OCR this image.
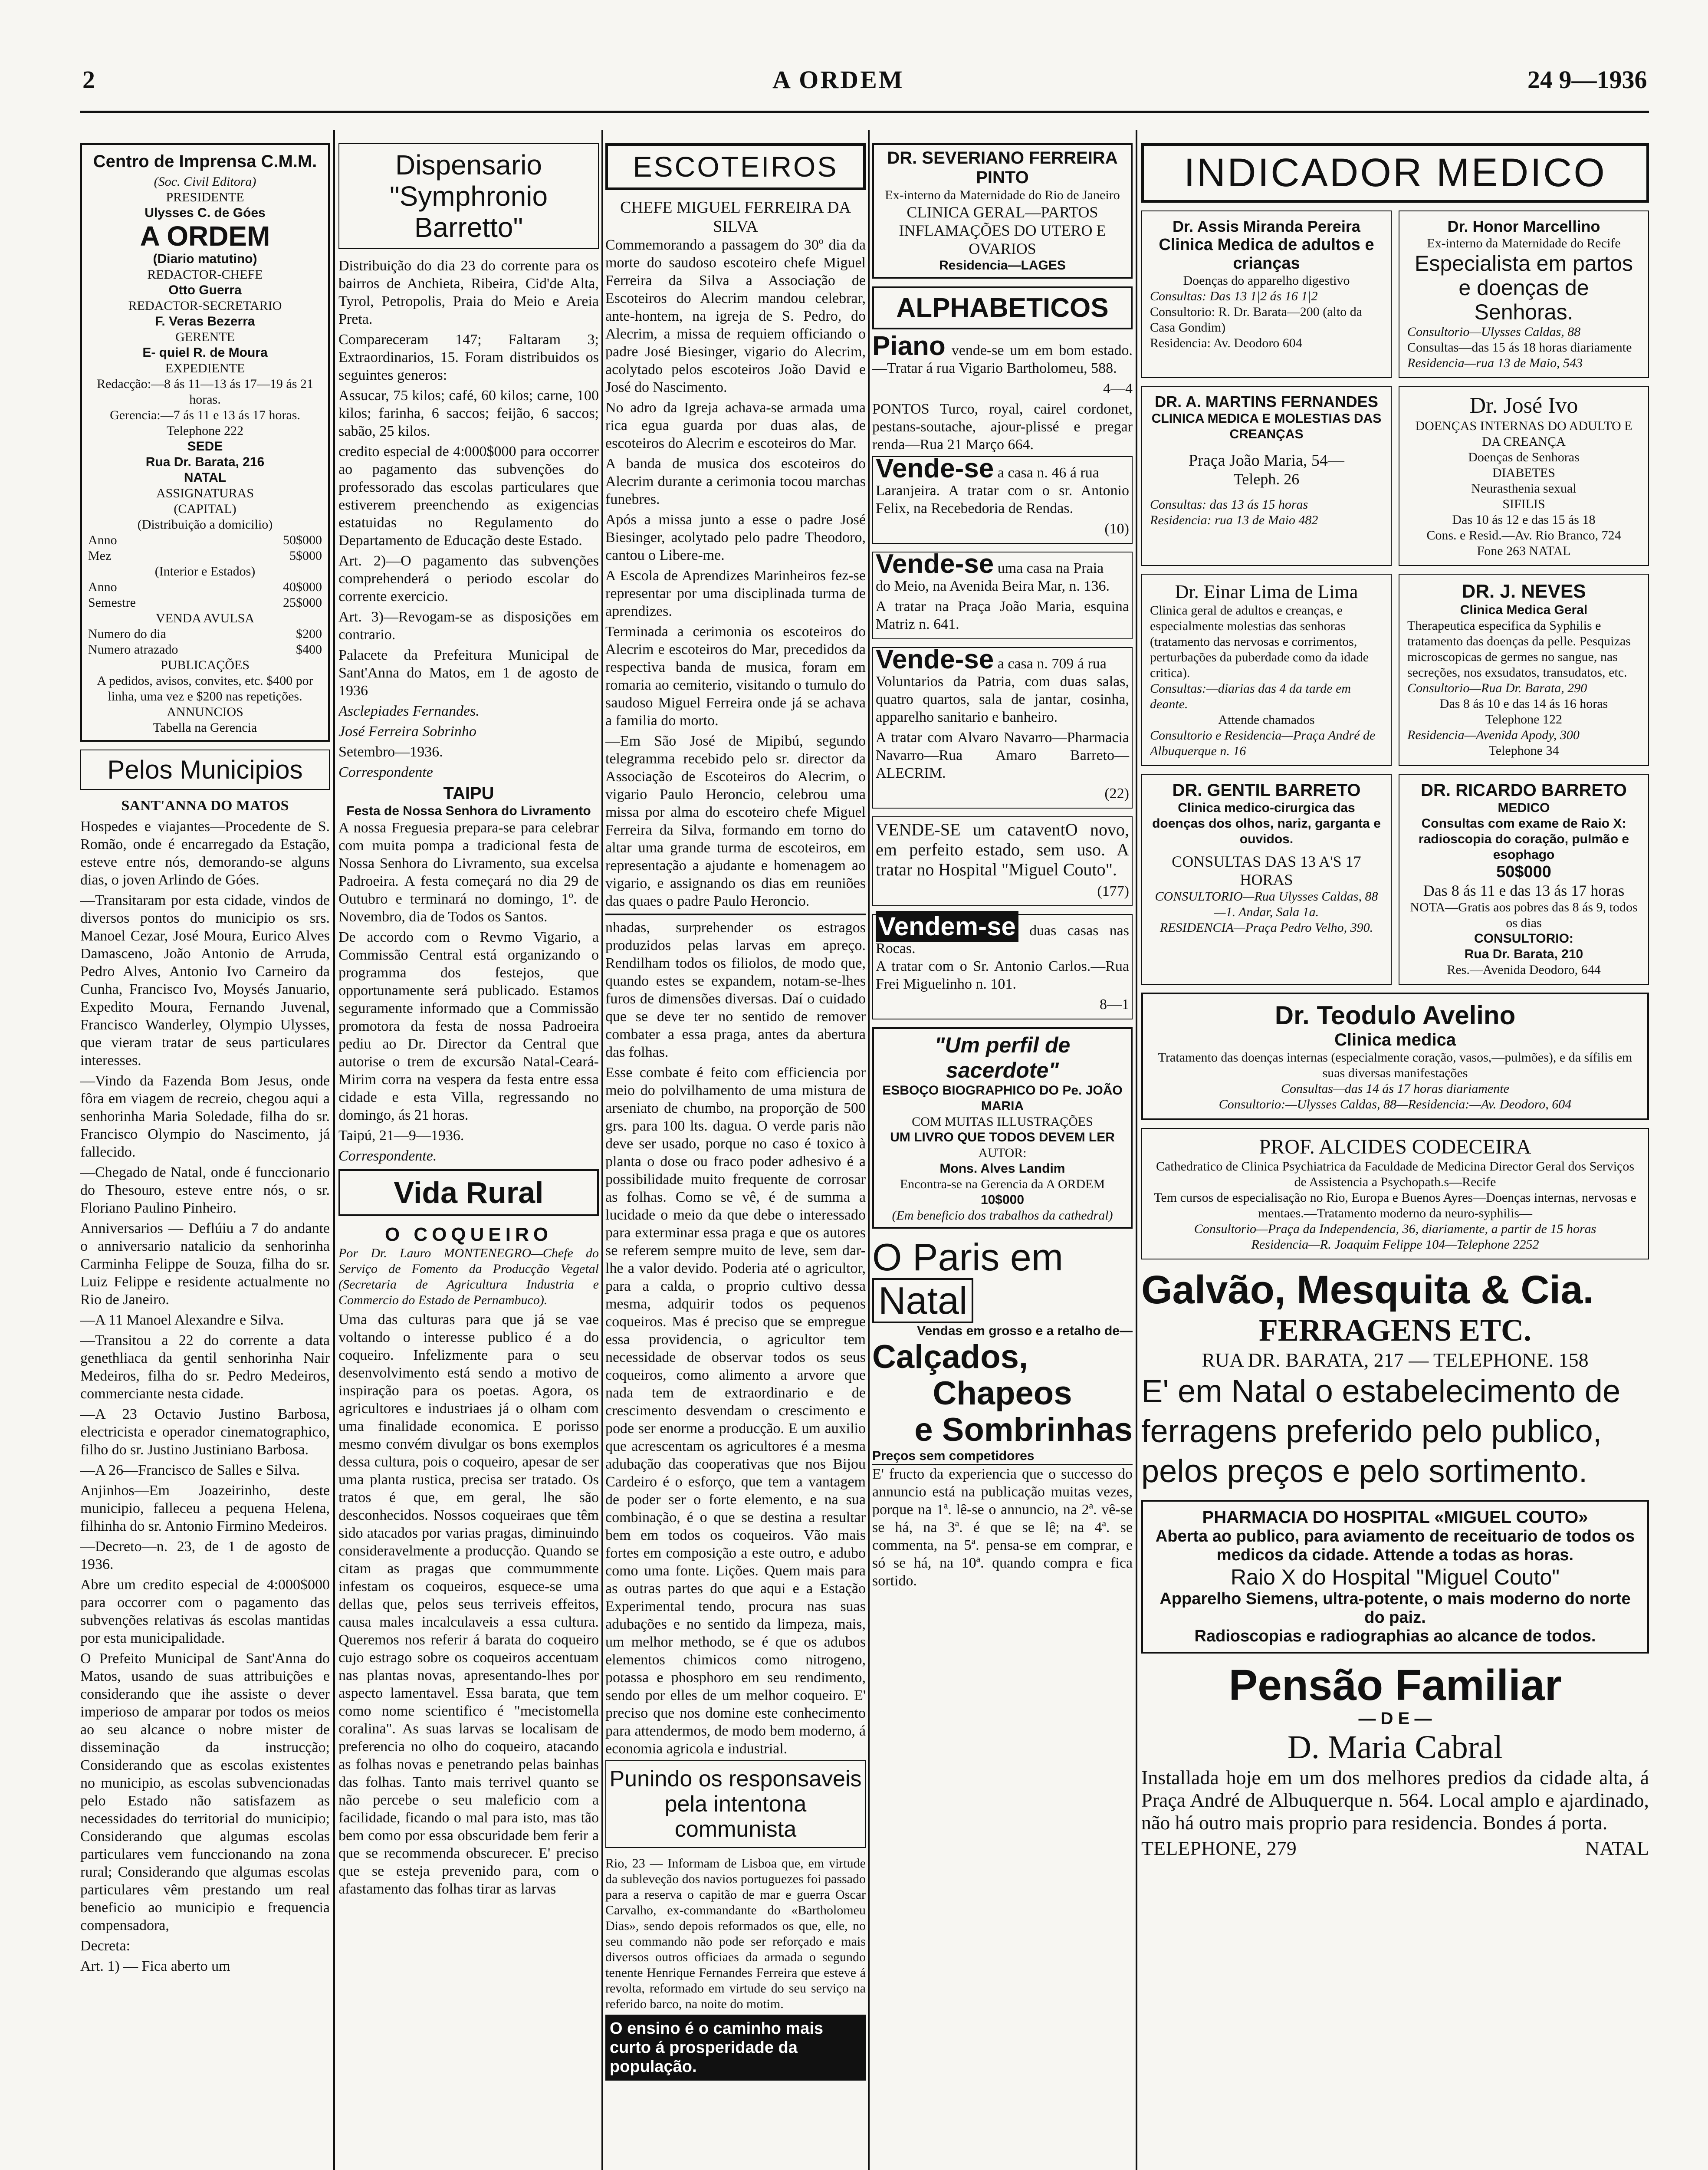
2	A ORDEM	24 9—1936
Centro de Imprensa C.M.M.
(Soc. Civil Editora)
PRESIDENTE
Ulysses C. de Góes
A ORDEM
(Diario matutino)
REDACTOR-CHEFE
Otto Guerra
REDACTOR-SECRETARIO
F. Veras Bezerra
GERENTE
E- quiel R. de Moura
EXPEDIENTE
Redacção:—8 ás 11—13 ás 17—19 ás 21 horas.
Gerencia:—7 ás 11 e 13 ás 17 horas.
Telephone 222
SEDE
Rua Dr. Barata, 216
NATAL
ASSIGNATURAS
(CAPITAL)
(Distribuição a domicilio)
Anno	50$000
Mez	5$000
(Interior e Estados)
Anno	40$000
Semestre	25$000
VENDA AVULSA
Numero do dia	$200
Numero atrazado	$400
PUBLICAÇÕES
A pedidos, avisos, convites, etc. $400 por linha, uma vez e $200 nas repetições.
ANNUNCIOS
Tabella na Gerencia
Pelos Municipios
SANT'ANNA DO MATOS

Hospedes e viajantes—Procedente de S. Romão, onde é encarregado da Estação, esteve entre nós, demorando-se alguns dias, o joven Arlindo de Góes.

—Transitaram por esta cidade, vindos de diversos pontos do municipio os srs. Manoel Cezar, José Moura, Eurico Alves Damasceno, João Antonio de Arruda, Pedro Alves, Antonio Ivo Carneiro da Cunha, Francisco Ivo, Moysés Januario, Expedito Moura, Fernando Juvenal, Francisco Wanderley, Olympio Ulysses, que vieram tratar de seus particulares interesses.

—Vindo da Fazenda Bom Jesus, onde fôra em viagem de recreio, chegou aqui a senhorinha Maria Soledade, filha do sr. Francisco Olympio do Nascimento, já fallecido.

—Chegado de Natal, onde é funccionario do Thesouro, esteve entre nós, o sr. Floriano Paulino Pinheiro.

Anniversarios — Deflúiu a 7 do andante o anniversario natalicio da senhorinha Carminha Felippe de Souza, filha do sr. Luiz Felippe e residente actualmente no Rio de Janeiro.

—A 11 Manoel Alexandre e Silva.

—Transitou a 22 do corrente a data genethliaca da gentil senhorinha Nair Medeiros, filha do sr. Pedro Medeiros, commerciante nesta cidade.

—A 23 Octavio Justino Barbosa, electricista e operador cinematographico, filho do sr. Justino Justiniano Barbosa.

—A 26—Francisco de Salles e Silva.

Anjinhos—Em Joazeirinho, deste municipio, falleceu a pequena Helena, filhinha do sr. Antonio Firmino Medeiros.

—Decreto—n. 23, de 1 de agosto de 1936.

Abre um credito especial de 4:000$000 para occorrer com o pagamento das subvenções relativas ás escolas mantidas por esta municipalidade.

O Prefeito Municipal de Sant'Anna do Matos, usando de suas attribuições e considerando que ihe assiste o dever imperioso de amparar por todos os meios ao seu alcance o nobre mister de disseminação da instrucção; Considerando que as escolas existentes no municipio, as escolas subvencionadas pelo Estado não satisfazem as necessidades do territorial do municipio; Considerando que algumas escolas particulares vem funccionando na zona rural; Considerando que algumas escolas particulares vêm prestando um real beneficio ao municipio e frequencia compensadora,

Decreta:

Art. 1) — Fica aberto um

Dispensario "Symphronio Barretto"

Distribuição do dia 23 do corrente para os bairros de Anchieta, Ribeira, Cid'de Alta, Tyrol, Petropolis, Praia do Meio e Areia Preta.

Compareceram 147; Faltaram 3; Extraordinarios, 15. Foram distribuidos os seguintes generos:

Assucar, 75 kilos; café, 60 kilos; carne, 100 kilos; farinha, 6 saccos; feijão, 6 saccos; sabão, 25 kilos.

credito especial de 4:000$000 para occorrer ao pagamento das subvenções do professorado das escolas particulares que estiverem preenchendo as exigencias estatuidas no Regulamento do Departamento de Educação deste Estado.

Art. 2)—O pagamento das subvenções comprehenderá o periodo escolar do corrente exercicio.

Art. 3)—Revogam-se as disposições em contrario.

Palacete da Prefeitura Municipal de Sant'Anna do Matos, em 1 de agosto de 1936

Asclepiades Fernandes.

José Ferreira Sobrinho

Setembro—1936.

Correspondente

TAIPU
Festa de Nossa Senhora do Livramento

A nossa Freguesia prepara-se para celebrar com muita pompa a tradicional festa de Nossa Senhora do Livramento, sua excelsa Padroeira. A festa começará no dia 29 de Outubro e terminará no domingo, 1º. de Novembro, dia de Todos os Santos.

De accordo com o Revmo Vigario, a Commissão Central está organizando o programma dos festejos, que opportunamente será publicado. Estamos seguramente informado que a Commissão promotora da festa de nossa Padroeira pediu ao Dr. Director da Central que autorise o trem de excursão Natal-Ceará-Mirim corra na vespera da festa entre essa cidade e esta Villa, regressando no domingo, ás 21 horas.

Taipú, 21—9—1936.

Correspondente.

Vida Rural
O COQUEIRO

Por Dr. Lauro MONTENEGRO—Chefe do Serviço de Fomento da Producção Vegetal (Secretaria de Agricultura Industria e Commercio do Estado de Pernambuco).

Uma das culturas para que já se vae voltando o interesse publico é a do coqueiro. Infelizmente para o seu desenvolvimento está sendo a motivo de inspiração para os poetas. Agora, os agricultores e industriaes já o olham com uma finalidade economica. E porisso mesmo convém divulgar os bons exemplos dessa cultura, pois o coqueiro, apesar de ser uma planta rustica, precisa ser tratado. Os tratos é que, em geral, lhe são desconhecidos. Nossos coqueiraes que têm sido atacados por varias pragas, diminuindo consideravelmente a producção. Quando se citam as pragas que commummente infestam os coqueiros, esquece-se uma dellas que, pelos seus terriveis effeitos, causa males incalculaveis a essa cultura. Queremos nos referir á barata do coqueiro cujo estrago sobre os coqueiros accentuam nas plantas novas, apresentando-lhes por aspecto lamentavel. Essa barata, que tem como nome scientifico é "mecistomella coralina". As suas larvas se localisam de preferencia no olho do coqueiro, atacando as folhas novas e penetrando pelas bainhas das folhas. Tanto mais terrivel quanto se não percebe o seu maleficio com a facilidade, ficando o mal para isto, mas tão bem como por essa obscuridade bem ferir a que se recommenda obscurecer. E' preciso que se esteja prevenido para, com o afastamento das folhas tirar as larvas

ESCOTEIROS
CHEFE MIGUEL FERREIRA DA SILVA

Commemorando a passagem do 30º dia da morte do saudoso escoteiro chefe Miguel Ferreira da Silva a Associação de Escoteiros do Alecrim mandou celebrar, ante-hontem, na igreja de S. Pedro, do Alecrim, a missa de requiem officiando o padre José Biesinger, vigario do Alecrim, acolytado pelos escoteiros João David e José do Nascimento.

No adro da Igreja achava-se armada uma rica egua guarda por duas alas, de escoteiros do Alecrim e escoteiros do Mar.

A banda de musica dos escoteiros do Alecrim durante a cerimonia tocou marchas funebres.

Após a missa junto a esse o padre José Biesinger, acolytado pelo padre Theodoro, cantou o Libere-me.

A Escola de Aprendizes Marinheiros fez-se representar por uma disciplinada turma de aprendizes.

Terminada a cerimonia os escoteiros do Alecrim e escoteiros do Mar, precedidos da respectiva banda de musica, foram em romaria ao cemiterio, visitando o tumulo do saudoso Miguel Ferreira onde já se achava a familia do morto.

—Em São José de Mipibú, segundo telegramma recebido pelo sr. director da Associação de Escoteiros do Alecrim, o vigario Paulo Heroncio, celebrou uma missa por alma do escoteiro chefe Miguel Ferreira da Silva, formando em torno do altar uma grande turma de escoteiros, em representação a ajudante e homenagem ao vigario, e assignando os dias em reuniões das quaes o padre Paulo Heroncio.

nhadas, surprehender os estragos produzidos pelas larvas em apreço. Rendilham todos os filiolos, de modo que, quando estes se expandem, notam-se-lhes furos de dimensões diversas. Daí o cuidado que se deve ter no sentido de remover combater a essa praga, antes da abertura das folhas.

Esse combate é feito com efficiencia por meio do polvilhamento de uma mistura de arseniato de chumbo, na proporção de 500 grs. para 100 lts. dagua. O verde paris não deve ser usado, porque no caso é toxico à planta o dose ou fraco poder adhesivo é a possibilidade muito frequente de corrosar as folhas. Como se vê, é de summa a lucidade o meio da que debe o interessado para exterminar essa praga e que os autores se referem sempre muito de leve, sem dar-lhe a valor devido. Poderia até o agricultor, para a calda, o proprio cultivo dessa mesma, adquirir todos os pequenos coqueiros. Mas é preciso que se empregue essa providencia, o agricultor tem necessidade de observar todos os seus coqueiros, como alimento a arvore que nada tem de extraordinario e de crescimento desvendam o crescimento e pode ser enorme a producção. E um auxilio que acrescentam os agricultores é a mesma adubação das cooperativas que nos Bijou Cardeiro é o esforço, que tem a vantagem de poder ser o forte elemento, e na sua combinação, é o que se destina a resultar bem em todos os coqueiros. Vão mais fortes em composição a este outro, e adubo como uma fonte. Lições. Quem mais para as outras partes do que aqui e a Estação Experimental tendo, procura nas suas adubações e no sentido da limpeza, mais, um melhor methodo, se é que os adubos elementos chimicos como nitrogeno, potassa e phosphoro em seu rendimento, sendo por elles de um melhor coqueiro. E' preciso que nos domine este conhecimento para attendermos, de modo bem moderno, á economia agricola e industrial.

Punindo os responsaveis pela intentona communista

Rio, 23 — Informam de Lisboa que, em virtude da subleveção dos navios portuguezes foi passado para a reserva o capitão de mar e guerra Oscar Carvalho, ex-commandante do «Bartholomeu Dias», sendo depois reformados os que, elle, no seu commando não pode ser reforçado e mais diversos outros officiaes da armada o segundo tenente Henrique Fernandes Ferreira que esteve á revolta, reformado em virtude do seu serviço na referido barco, na noite do motim.

O ensino é o caminho mais curto á prosperidade da população.
DR. SEVERIANO FERREIRA PINTO
Ex-interno da Maternidade do Rio de Janeiro
CLINICA GERAL—PARTOS INFLAMAÇÕES DO UTERO E OVARIOS
Residencia—LAGES
ALPHABETICOS

Piano vende-se um em bom estado.—Tratar á rua Vigario Bartholomeu, 588.

4—4

PONTOS Turco, royal, cairel cordonet, pestans-soutache, ajour-plissé e pregar renda—Rua 21 Março 664.

Vende-se a casa n. 46 á rua

Laranjeira. A tratar com o sr. Antonio Felix, na Recebedoria de Rendas.

(10)

Vende-se uma casa na Praia

do Meio, na Avenida Beira Mar, n. 136.

A tratar na Praça João Maria, esquina Matriz n. 641.

Vende-se a casa n. 709 á rua

Voluntarios da Patria, com duas salas, quatro quartos, sala de jantar, cosinha, apparelho sanitario e banheiro.

A tratar com Alvaro Navarro—Pharmacia Navarro—Rua Amaro Barreto—ALECRIM.

(22)

VENDE-SE um cataventO novo, em perfeito estado, sem uso. A tratar no Hospital "Miguel Couto".

(177)

Vendem-se duas casas nas Rocas.

A tratar com o Sr. Antonio Carlos.—Rua Frei Miguelinho n. 101.

8—1

"Um perfil de sacerdote"
ESBOÇO BIOGRAPHICO DO Pe. JOÃO MARIA
COM MUITAS ILLUSTRAÇÕES
UM LIVRO QUE TODOS DEVEM LER
AUTOR:
Mons. Alves Landim
Encontra-se na Gerencia da A ORDEM
10$000
(Em beneficio dos trabalhos da cathedral)
O Paris em
Natal
Vendas em grosso e a retalho de—
Calçados,
Chapeos
e Sombrinhas
Preços sem competidores

E' fructo da experiencia que o successo do annuncio está na publicação muitas vezes, porque na 1ª. lê-se o annuncio, na 2ª. vê-se se há, na 3ª. é que se lê; na 4ª. se commenta, na 5ª. pensa-se em comprar, e só se há, na 10ª. quando compra e fica sortido.

INDICADOR MEDICO
Dr. Assis Miranda Pereira
Clinica Medica de adultos e crianças
Doenças do apparelho digestivo
Consultas: Das 13 1|2 ás 16 1|2
Consultorio: R. Dr. Barata—200 (alto da Casa Gondim)
Residencia: Av. Deodoro 604
Dr. Honor Marcellino
Ex-interno da Maternidade do Recife
Especialista em partos e doenças de Senhoras.
Consultorio—Ulysses Caldas, 88
Consultas—das 15 ás 18 horas diariamente
Residencia—rua 13 de Maio, 543
DR. A. MARTINS FERNANDES
CLINICA MEDICA E MOLESTIAS DAS CREANÇAS
Praça João Maria, 54—
Teleph. 26
Consultas: das 13 ás 15 horas
Residencia: rua 13 de Maio 482
Dr. José Ivo
DOENÇAS INTERNAS DO ADULTO E DA CREANÇA
Doenças de Senhoras
DIABETES
Neurasthenia sexual
SIFILIS
Das 10 ás 12 e das 15 ás 18
Cons. e Resid.—Av. Rio Branco, 724
Fone 263 NATAL
Dr. Einar Lima de Lima
Clinica geral de adultos e creanças, e especialmente molestias das senhoras (tratamento das nervosas e corrimentos, perturbações da puberdade como da idade critica).
Consultas:—diarias das 4 da tarde em deante.
Attende chamados
Consultorio e Residencia—Praça André de Albuquerque n. 16
DR. J. NEVES
Clinica Medica Geral
Therapeutica especifica da Syphilis e tratamento das doenças da pelle. Pesquizas microscopicas de germes no sangue, nas secreções, nos exsudatos, transudatos, etc.
Consultorio—Rua Dr. Barata, 290
Das 8 ás 10 e das 14 ás 16 horas
Telephone 122
Residencia—Avenida Apody, 300
Telephone 34
DR. GENTIL BARRETO
Clinica medico-cirurgica das doenças dos olhos, nariz, garganta e ouvidos.
CONSULTAS DAS 13 A'S 17 HORAS
CONSULTORIO—Rua Ulysses Caldas, 88—1. Andar, Sala 1a.
RESIDENCIA—Praça Pedro Velho, 390.
DR. RICARDO BARRETO
MEDICO
Consultas com exame de Raio X: radioscopia do coração, pulmão e esophago
50$000
Das 8 ás 11 e das 13 ás 17 horas
NOTA—Gratis aos pobres das 8 ás 9, todos os dias
CONSULTORIO:
Rua Dr. Barata, 210
Res.—Avenida Deodoro, 644
Dr. Teodulo Avelino
Clinica medica
Tratamento das doenças internas (especialmente coração, vasos,—pulmões), e da sífilis em suas diversas manifestações
Consultas—das 14 ás 17 horas diariamente
Consultorio:—Ulysses Caldas, 88—Residencia:—Av. Deodoro, 604
PROF. ALCIDES CODECEIRA
Cathedratico de Clinica Psychiatrica da Faculdade de Medicina Director Geral dos Serviços de Assistencia a Psychopath.s—Recife
Tem cursos de especialisação no Rio, Europa e Buenos Ayres—Doenças internas, nervosas e mentaes.—Tratamento moderno da neuro-syphilis—
Consultorio—Praça da Independencia, 36, diariamente, a partir de 15 horas
Residencia—R. Joaquim Felippe 104—Telephone 2252
Galvão, Mesquita & Cia.
FERRAGENS ETC.
RUA DR. BARATA, 217 — TELEPHONE. 158
E' em Natal o estabelecimento de ferragens preferido pelo publico, pelos preços e pelo sortimento.
PHARMACIA DO HOSPITAL «MIGUEL COUTO»
Aberta ao publico, para aviamento de receituario de todos os medicos da cidade. Attende a todas as horas.
Raio X do Hospital "Miguel Couto"
Apparelho Siemens, ultra-potente, o mais moderno do norte do paiz.
Radioscopias e radiographias ao alcance de todos.
Pensão Familiar
— D E —
D. Maria Cabral
Installada hoje em um dos melhores predios da cidade alta, á Praça André de Albuquerque n. 564. Local amplo e ajardinado, não há outro mais proprio para residencia. Bondes á porta.
TELEPHONE, 279	NATAL
